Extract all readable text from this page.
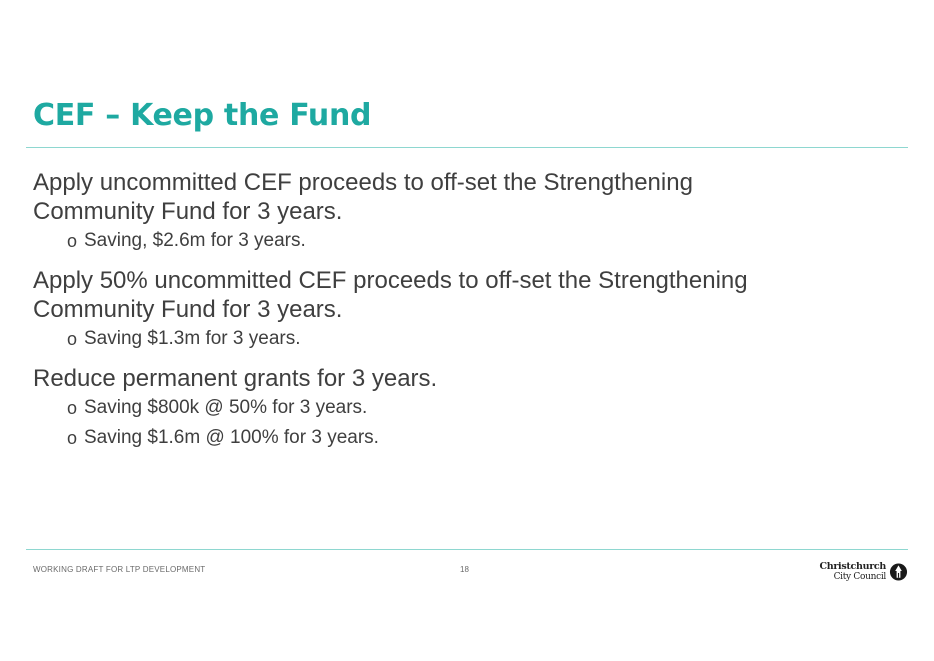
CEF – Keep the Fund

Apply uncommitted CEF proceeds to off-set the Strengthening
Community Fund for 3 years.

o Saving, $2.6m for 3 years.

Apply 50% uncommitted CEF proceeds to off-set the Strengthening
Community Fund for 3 years.

o Saving $1.3m for 3 years.

Reduce permanent grants for 3 years.

o Saving $800k @ 50% for 3 years.

o Saving $1.6m @ 100% for 3 years.

WORKING DRAFT FOR LTP DEVELOPMENT	18	Christchurch
City Council
